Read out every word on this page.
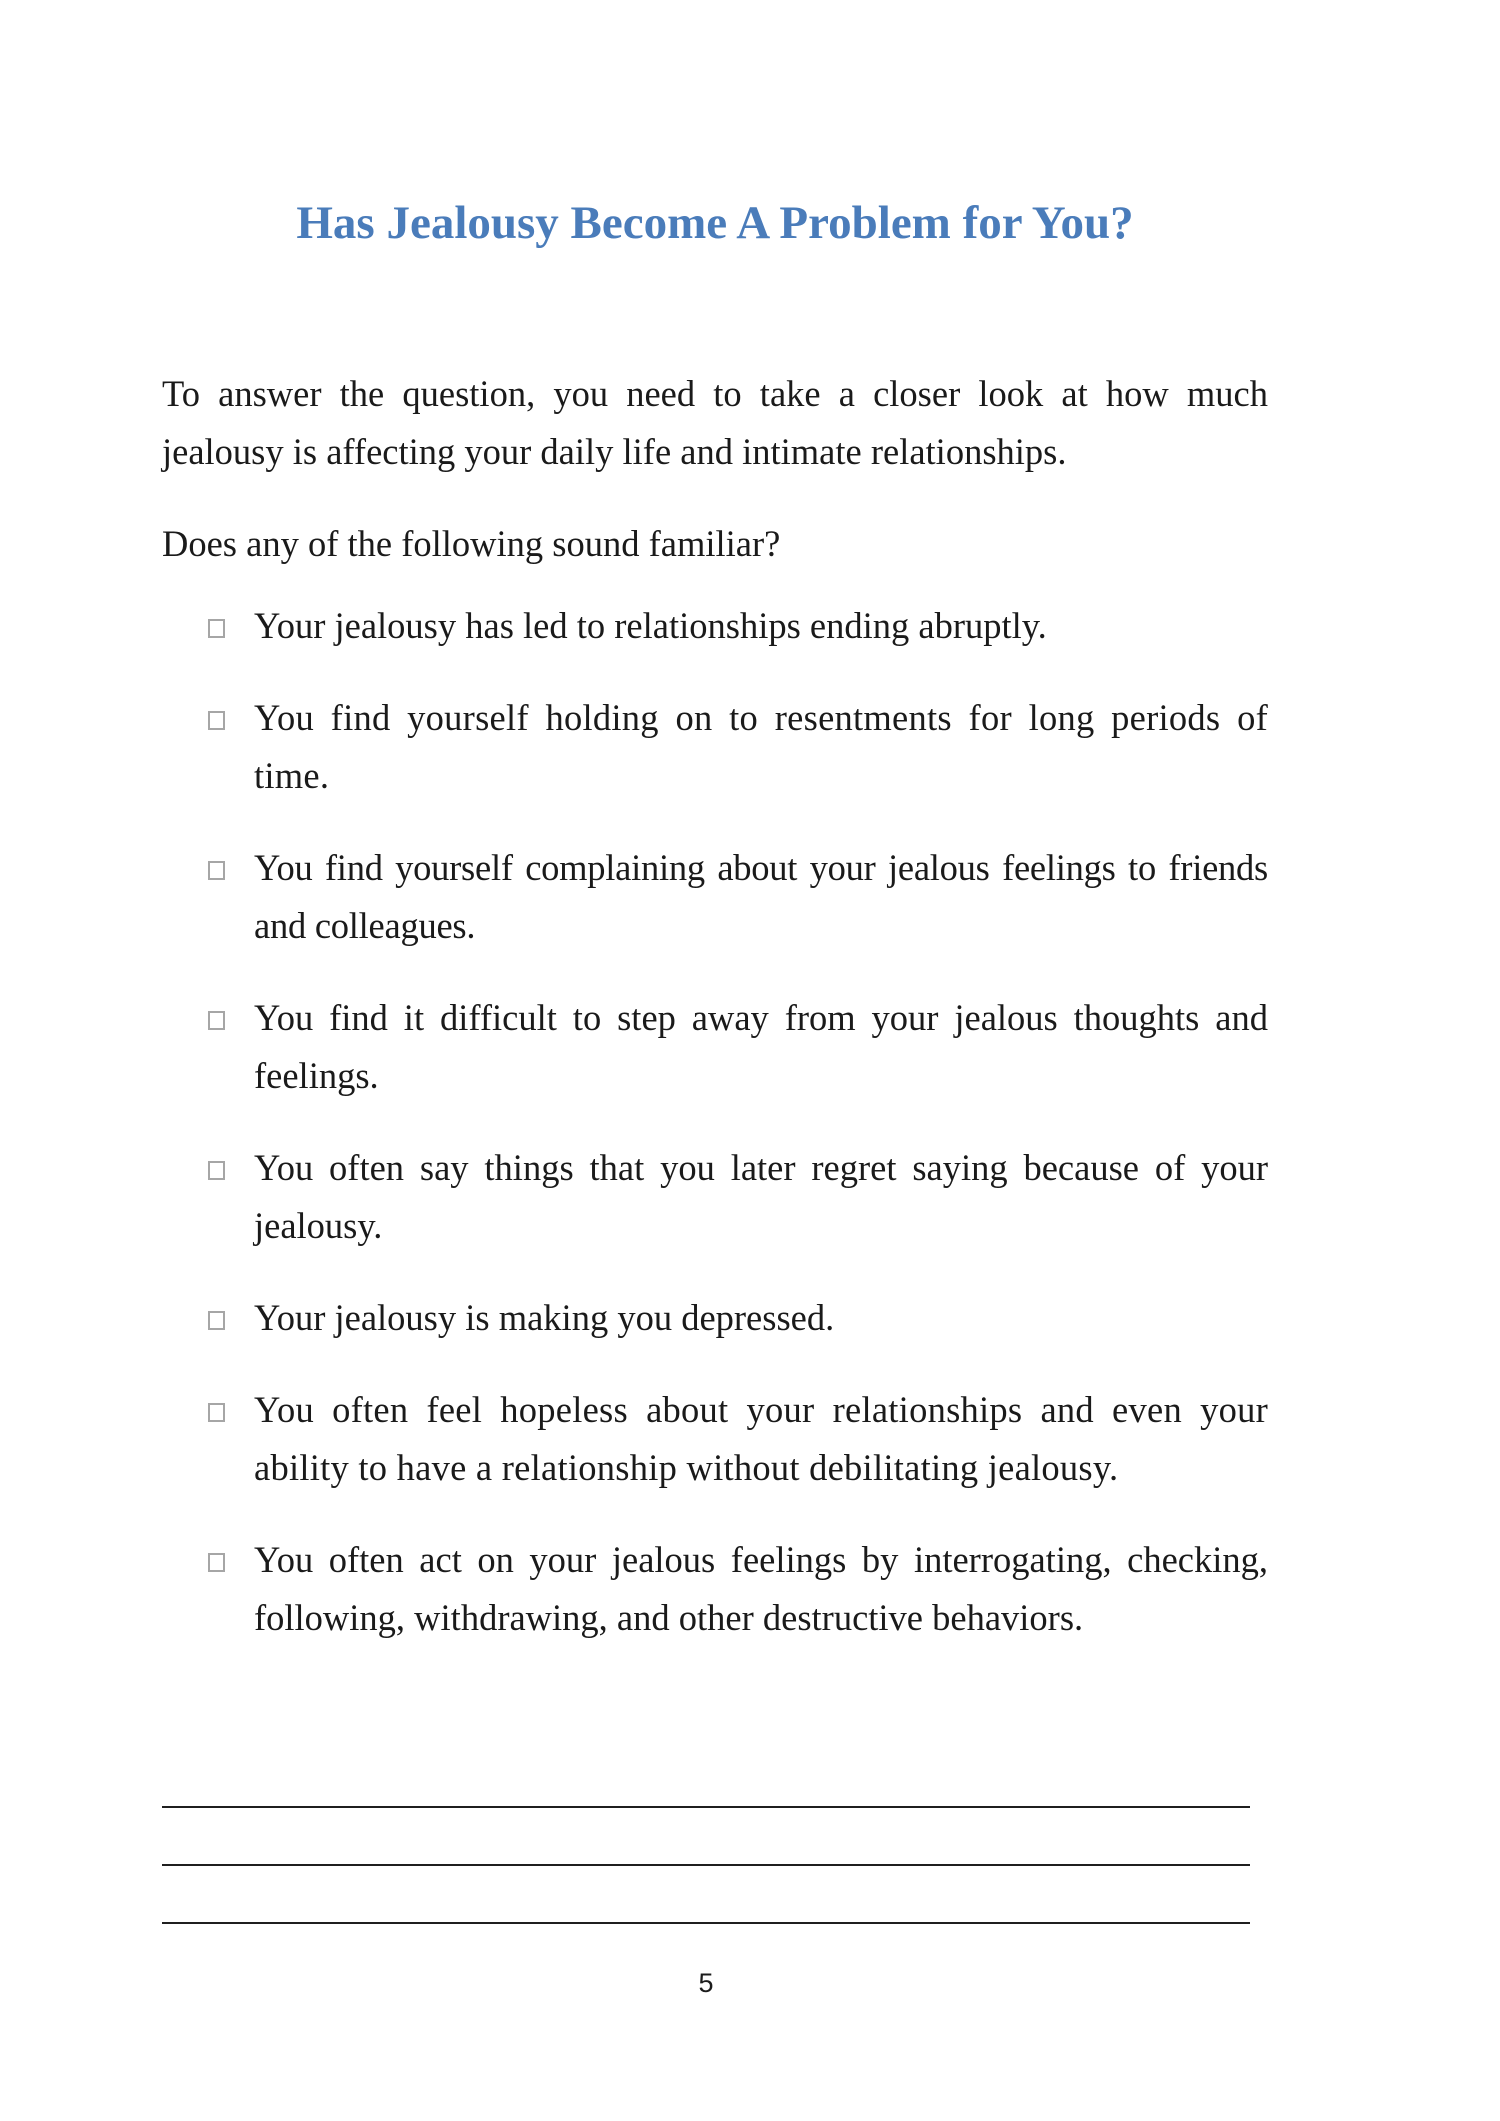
Has Jealousy Become A Problem for You?

To answer the question, you need to take a closer look at how much jealousy is affecting your daily life and intimate relationships.

Does any of the following sound familiar?

Your jealousy has led to relationships ending abruptly.
You find yourself holding on to resentments for long periods of time.
You find yourself complaining about your jealous feelings to friends and colleagues.
You find it difficult to step away from your jealous thoughts and feelings.
You often say things that you later regret saying because of your jealousy.
Your jealousy is making you depressed.
You often feel hopeless about your relationships and even your ability to have a relationship without debilitating jealousy.
You often act on your jealous feelings by interrogating, checking, following, withdrawing, and other destructive behaviors.
5
